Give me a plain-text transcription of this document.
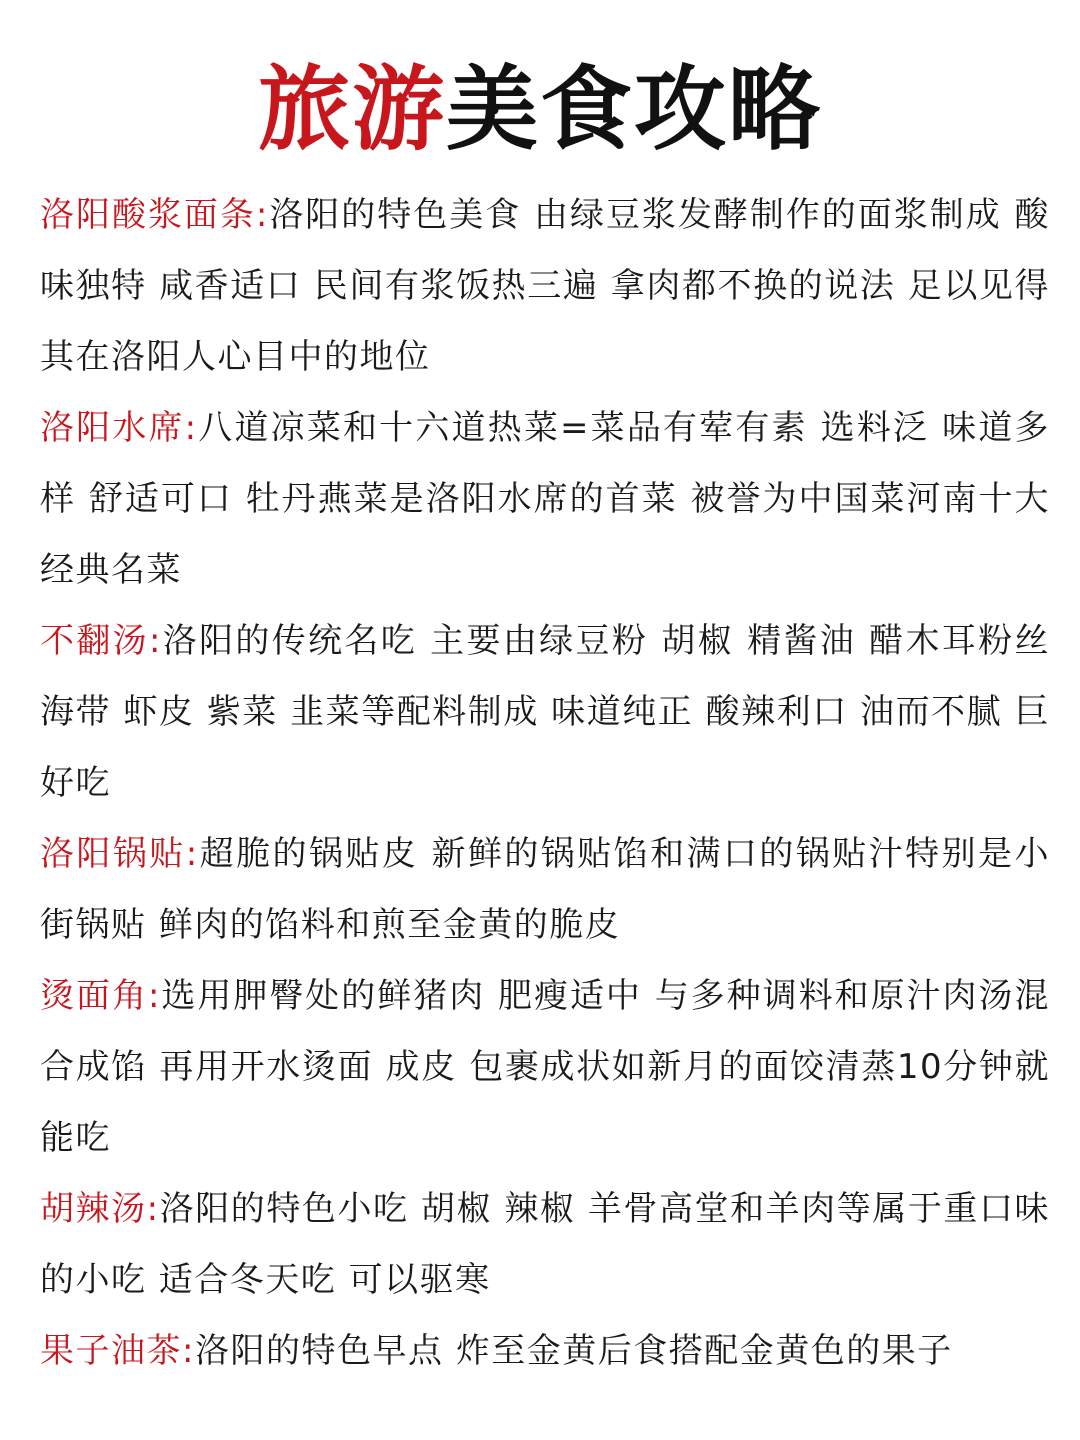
旅游美食攻略

洛阳酸浆面条:洛阳的特色美食 由绿豆浆发酵制作的面浆制成 酸味独特 咸香适口 民间有浆饭热三遍 拿肉都不换的说法 足以见得其在洛阳人心目中的地位

洛阳水席:八道凉菜和十六道热菜=菜品有荤有素 选料泛 味道多样 舒适可口 牡丹燕菜是洛阳水席的首菜 被誉为中国菜河南十大经典名菜

不翻汤:洛阳的传统名吃 主要由绿豆粉 胡椒 精酱油 醋木耳粉丝 海带 虾皮 紫菜 韭菜等配料制成 味道纯正 酸辣利口 油而不腻 巨好吃

洛阳锅贴:超脆的锅贴皮 新鲜的锅贴馅和满口的锅贴汁特别是小街锅贴 鲜肉的馅料和煎至金黄的脆皮

烫面角:选用胛臀处的鲜猪肉 肥瘦适中 与多种调料和原汁肉汤混合成馅 再用开水烫面 成皮 包裹成状如新月的面饺清蒸10分钟就能吃

胡辣汤:洛阳的特色小吃 胡椒 辣椒 羊骨高堂和羊肉等属于重口味的小吃 适合冬天吃 可以驱寒

果子油茶:洛阳的特色早点 炸至金黄后食搭配金黄色的果子
